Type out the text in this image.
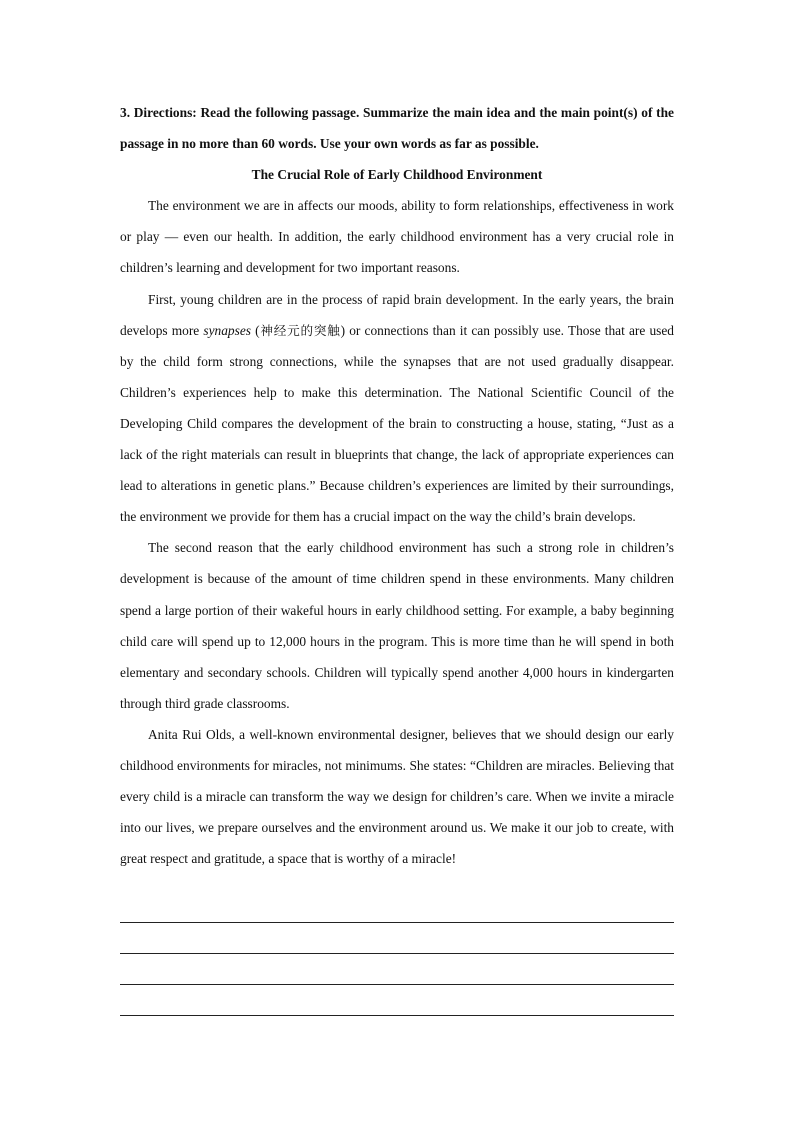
3. Directions: Read the following passage. Summarize the main idea and the main point(s) of the passage in no more than 60 words. Use your own words as far as possible.

The Crucial Role of Early Childhood Environment

The environment we are in affects our moods, ability to form relationships, effectiveness in work or play — even our health. In addition, the early childhood environment has a very crucial role in children’s learning and development for two important reasons.

First, young children are in the process of rapid brain development. In the early years, the brain develops more synapses (神经元的突触) or connections than it can possibly use. Those that are used by the child form strong connections, while the synapses that are not used gradually disappear. Children’s experiences help to make this determination. The National Scientific Council of the Developing Child compares the development of the brain to constructing a house, stating, “Just as a lack of the right materials can result in blueprints that change, the lack of appropriate experiences can lead to alterations in genetic plans.” Because children’s experiences are limited by their surroundings, the environment we provide for them has a crucial impact on the way the child’s brain develops.

The second reason that the early childhood environment has such a strong role in children’s development is because of the amount of time children spend in these environments. Many children spend a large portion of their wakeful hours in early childhood setting. For example, a baby beginning child care will spend up to 12,000 hours in the program. This is more time than he will spend in both elementary and secondary schools. Children will typically spend another 4,000 hours in kindergarten through third grade classrooms.

Anita Rui Olds, a well-known environmental designer, believes that we should design our early childhood environments for miracles, not minimums. She states: “Children are miracles. Believing that every child is a miracle can transform the way we design for children’s care. When we invite a miracle into our lives, we prepare ourselves and the environment around us. We make it our job to create, with great respect and gratitude, a space that is worthy of a miracle!
